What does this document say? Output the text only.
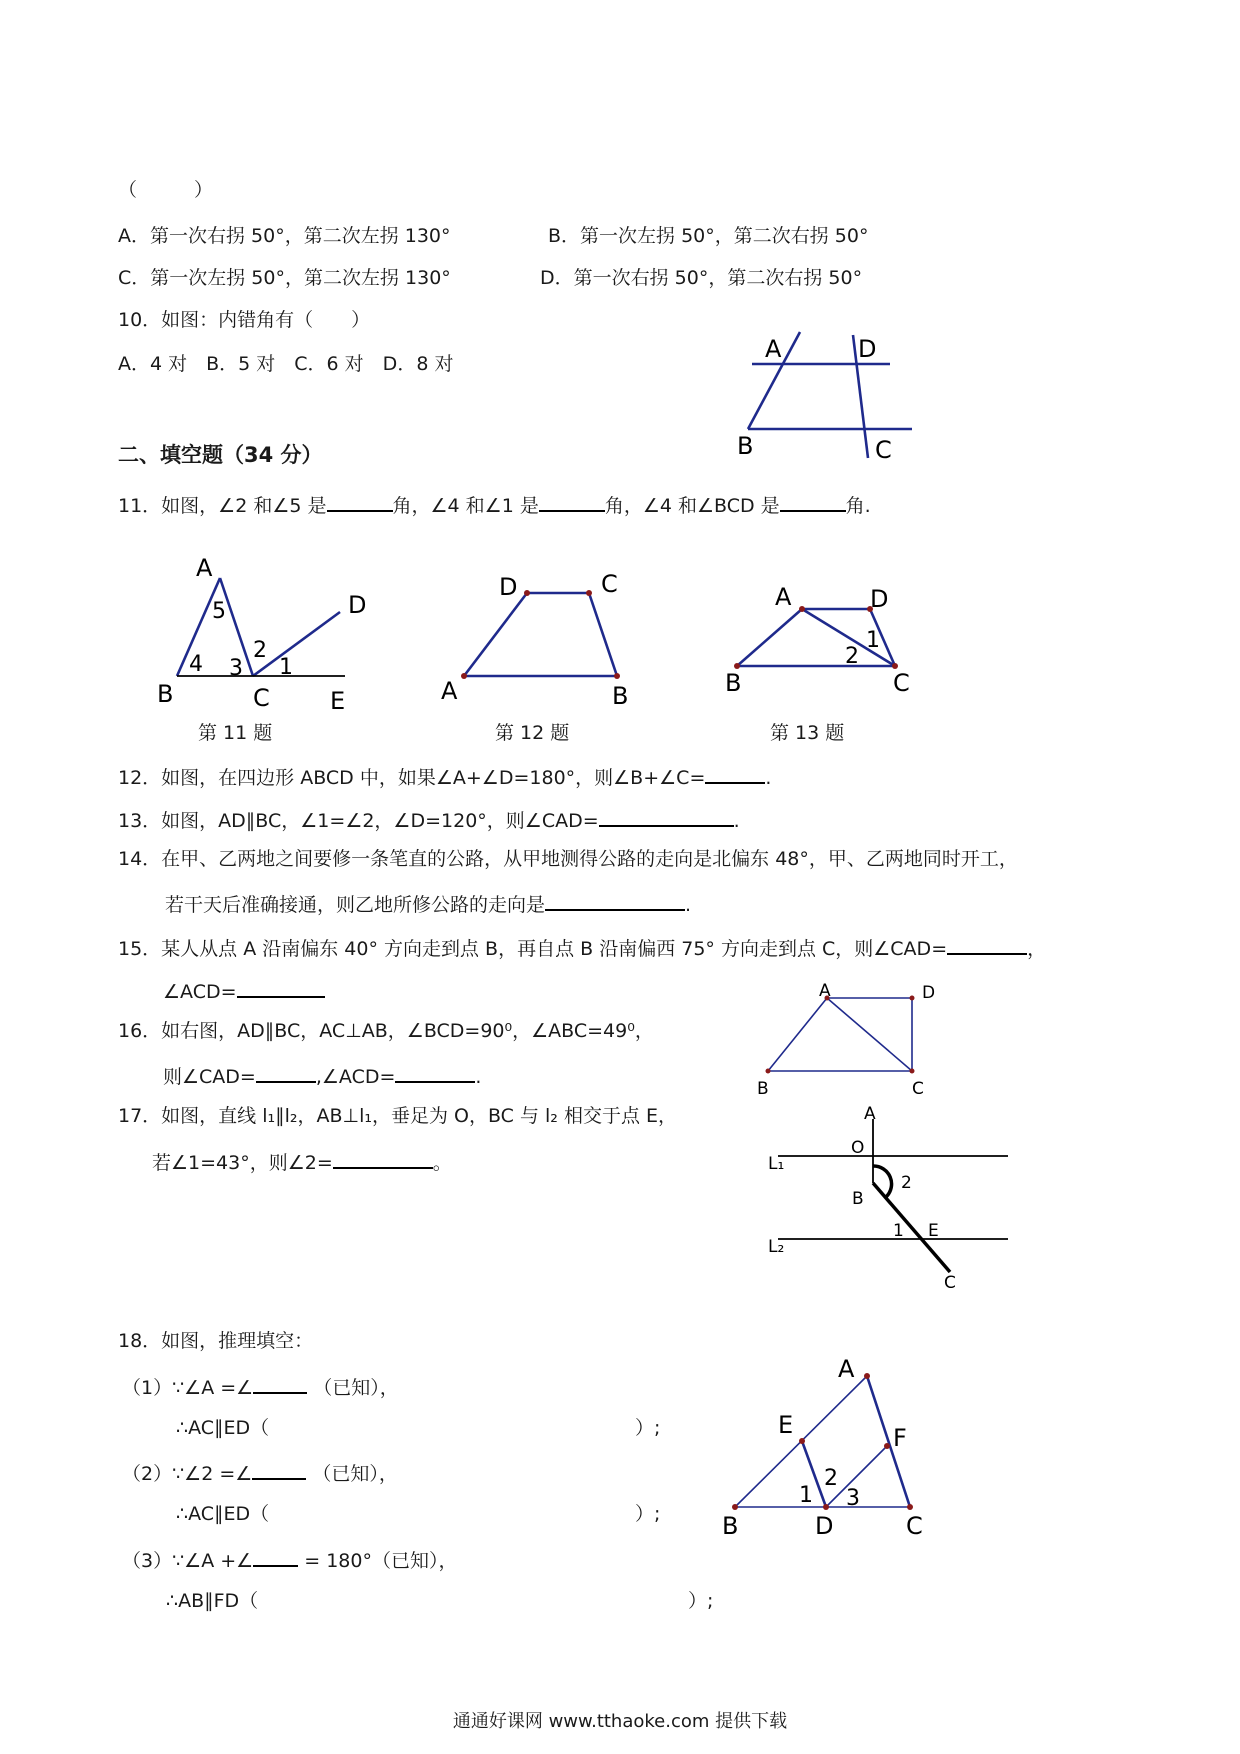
（　　　）
A．第一次右拐 50°，第二次左拐 130°	B．第一次左拐 50°，第二次右拐 50°
C．第一次左拐 50°，第二次左拐 130°	D．第一次右拐 50°，第二次右拐 50°
10．如图：内错角有（　　）
A．4 对　B．5 对　C．6 对　D．8 对
A	D
B	C
二、填空题（34 分）
11．如图，∠2 和∠5 是	角，∠4 和∠1 是	角，∠4 和∠BCD 是	角.
A
B	C
D
E
5
4 3
2
1
第 11 题
D	C
A	B
第 12 题
A	D
B	C
1
2
第 13 题
12．如图，在四边形 ABCD 中，如果∠A+∠D=180°，则∠B+∠C=	.
13．如图，AD∥BC，∠1=∠2，∠D=120°，则∠CAD=	.
14．在甲、乙两地之间要修一条笔直的公路，从甲地测得公路的走向是北偏东 48°，甲、乙两地同时开工，
若干天后准确接通，则乙地所修公路的走向是	.
15．某人从点 A 沿南偏东 40° 方向走到点 B，再自点 B 沿南偏西 75° 方向走到点 C，则∠CAD=	，
∠ACD=
16．如右图，AD∥BC，AC⊥AB，∠BCD=90⁰，∠ABC=49⁰，
则∠CAD=	,∠ACD=	.
A	D
B	C
17．如图，直线 l₁∥l₂，AB⊥l₁，垂足为 O，BC 与 l₂ 相交于点 E，
若∠1=43°，则∠2=	。
A
O
L₁
B
2
1 E
L₂
C
18．如图，推理填空：
（1）∵∠A =∠	（已知），
∴AC∥ED（	）;
（2）∵∠2 =∠	（已知），
∴AC∥ED（	）;
（3）∵∠A +∠	= 180°（已知），
∴AB∥FD（	）;
A
E	F
B	D	C
1
2
3
通通好课网 www.tthaoke.com 提供下载
